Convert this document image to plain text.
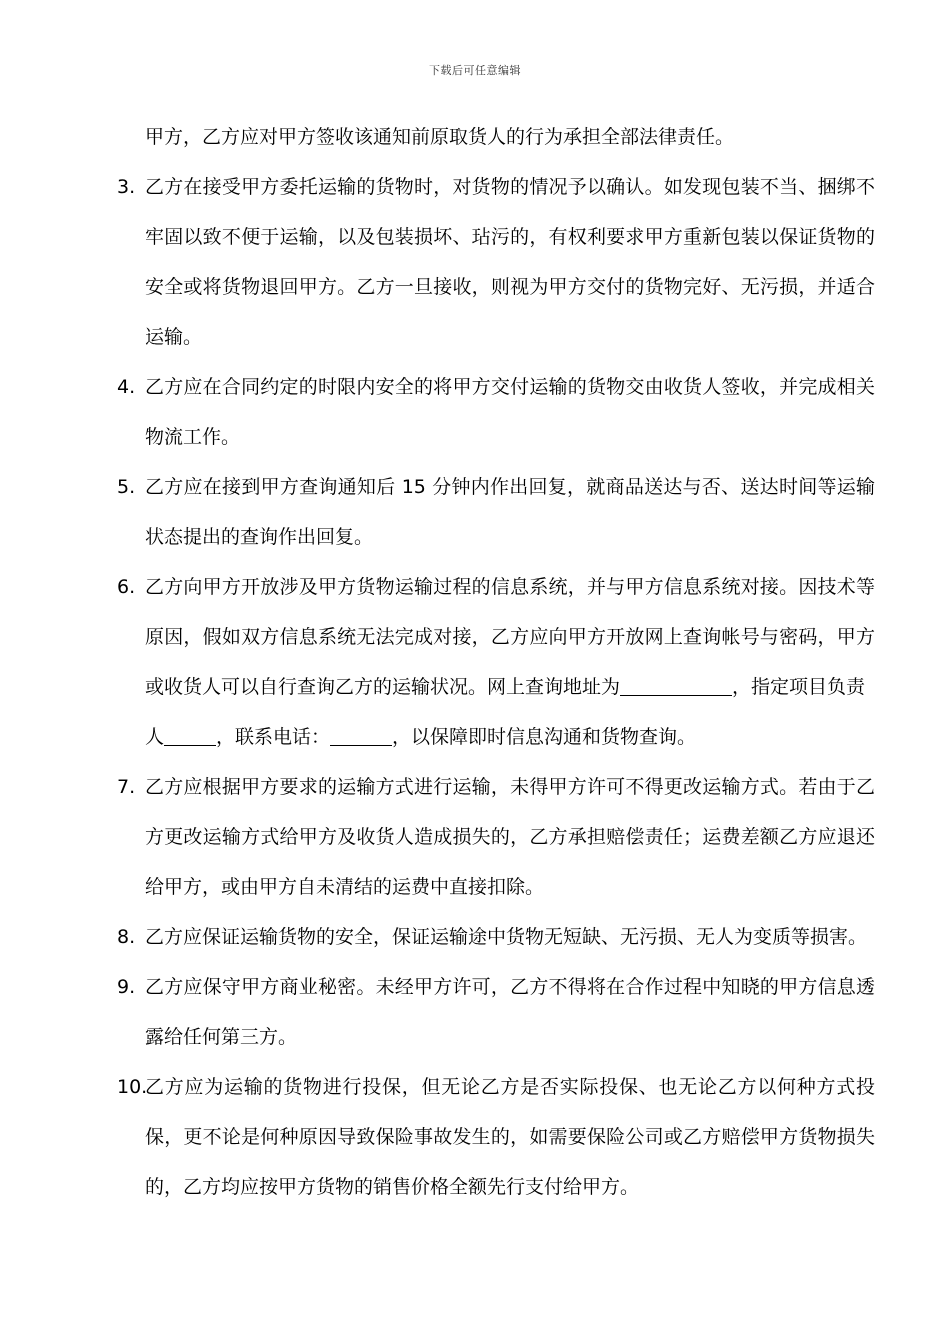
下载后可任意编辑
甲方，乙方应对甲方签收该通知前原取货人的行为承担全部法律责任。
3. 乙方在接受甲方委托运输的货物时，对货物的情况予以确认。如发现包装不当、捆绑不
牢固以致不便于运输，以及包装损坏、玷污的，有权利要求甲方重新包装以保证货物的
安全或将货物退回甲方。乙方一旦接收，则视为甲方交付的货物完好、无污损，并适合
运输。
4. 乙方应在合同约定的时限内安全的将甲方交付运输的货物交由收货人签收，并完成相关
物流工作。
5. 乙方应在接到甲方查询通知后 15 分钟内作出回复，就商品送达与否、送达时间等运输
状态提出的查询作出回复。
6. 乙方向甲方开放涉及甲方货物运输过程的信息系统，并与甲方信息系统对接。因技术等
原因，假如双方信息系统无法完成对接，乙方应向甲方开放网上查询帐号与密码，甲方
或收货人可以自行查询乙方的运输状况。网上查询地址为	，指定项目负责
人	，联系电话：	，以保障即时信息沟通和货物查询。
7. 乙方应根据甲方要求的运输方式进行运输，未得甲方许可不得更改运输方式。若由于乙
方更改运输方式给甲方及收货人造成损失的，乙方承担赔偿责任；运费差额乙方应退还
给甲方，或由甲方自未清结的运费中直接扣除。
8. 乙方应保证运输货物的安全，保证运输途中货物无短缺、无污损、无人为变质等损害。
9. 乙方应保守甲方商业秘密。未经甲方许可，乙方不得将在合作过程中知晓的甲方信息透
露给任何第三方。
10.
乙方应为运输的货物进行投保，但无论乙方是否实际投保、也无论乙方以何种方式投
保，更不论是何种原因导致保险事故发生的，如需要保险公司或乙方赔偿甲方货物损失
的，乙方均应按甲方货物的销售价格全额先行支付给甲方。
